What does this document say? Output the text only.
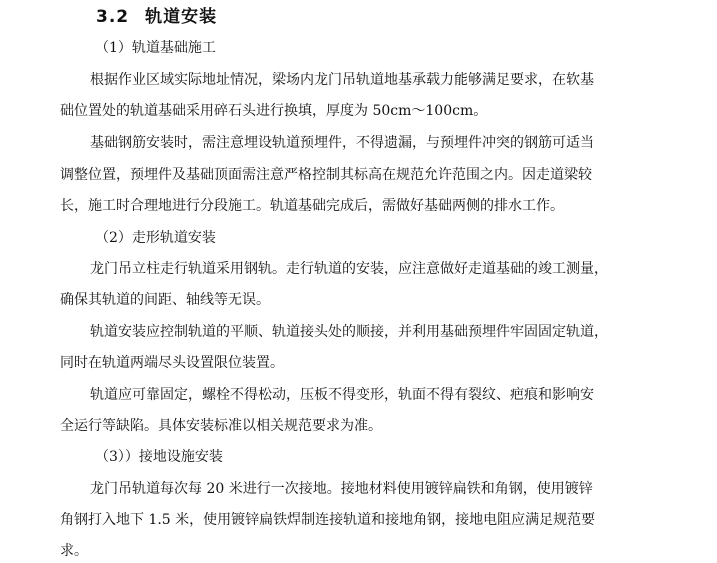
3.2 轨道安装
（1）轨道基础施工
根据作业区域实际地址情况，梁场内龙门吊轨道地基承载力能够满足要求，在软基
础位置处的轨道基础采用碎石头进行换填，厚度为 50cm～100cm。
基础钢筋安装时，需注意埋设轨道预埋件，不得遗漏，与预埋件冲突的钢筋可适当
调整位置，预埋件及基础顶面需注意严格控制其标高在规范允许范围之内。因走道梁较
长，施工时合理地进行分段施工。轨道基础完成后，需做好基础两侧的排水工作。
（2）走形轨道安装
龙门吊立柱走行轨道采用钢轨。走行轨道的安装，应注意做好走道基础的竣工测量，
确保其轨道的间距、轴线等无误。
轨道安装应控制轨道的平顺、轨道接头处的顺接，并利用基础预埋件牢固固定轨道，
同时在轨道两端尽头设置限位装置。
轨道应可靠固定，螺栓不得松动，压板不得变形，轨面不得有裂纹、疤痕和影响安
全运行等缺陷。具体安装标准以相关规范要求为准。
（3））接地设施安装
龙门吊轨道每次每 20 米进行一次接地。接地材料使用镀锌扁铁和角钢，使用镀锌
角钢打入地下 1.5 米，使用镀锌扁铁焊制连接轨道和接地角钢，接地电阻应满足规范要
求。
